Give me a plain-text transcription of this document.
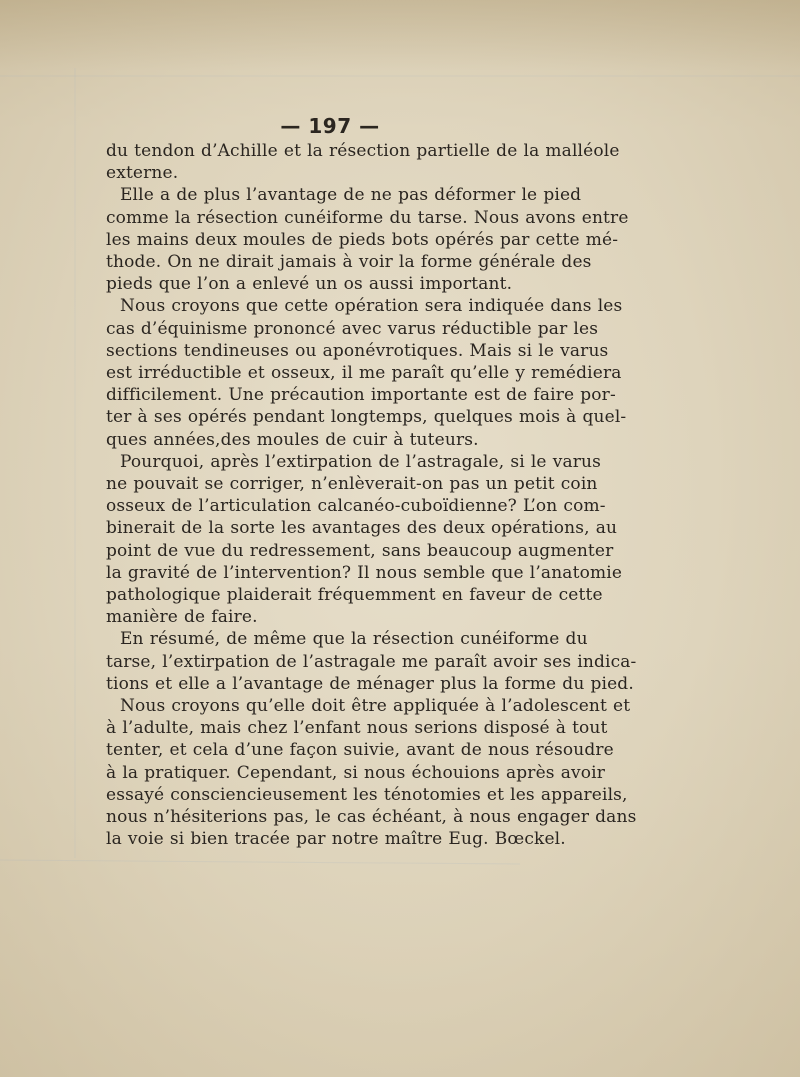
— 197 —
du tendon d’Achille et la résection partielle de la malléole
externe.
Elle a de plus l’avantage de ne pas déformer le pied
comme la résection cunéiforme du tarse. Nous avons entre
les mains deux moules de pieds bots opérés par cette mé-
thode. On ne dirait jamais à voir la forme générale des
pieds que l’on a enlevé un os aussi important.
Nous croyons que cette opération sera indiquée dans les
cas d’équinisme prononcé avec varus réductible par les
sections tendineuses ou aponévrotiques. Mais si le varus
est irréductible et osseux, il me paraît qu’elle y remédiera
difficilement. Une précaution importante est de faire por-
ter à ses opérés pendant longtemps, quelques mois à quel-
ques années,des moules de cuir à tuteurs.
Pourquoi, après l’extirpation de l’astragale, si le varus
ne pouvait se corriger, n’enlèverait-on pas un petit coin
osseux de l’articulation calcanéo-cuboïdienne? L’on com-
binerait de la sorte les avantages des deux opérations, au
point de vue du redressement, sans beaucoup augmenter
la gravité de l’intervention? Il nous semble que l’anatomie
pathologique plaiderait fréquemment en faveur de cette
manière de faire.
En résumé, de même que la résection cunéiforme du
tarse, l’extirpation de l’astragale me paraît avoir ses indica-
tions et elle a l’avantage de ménager plus la forme du pied.
Nous croyons qu’elle doit être appliquée à l’adolescent et
à l’adulte, mais chez l’enfant nous serions disposé à tout
tenter, et cela d’une façon suivie, avant de nous résoudre
à la pratiquer. Cependant, si nous échouions après avoir
essayé consciencieusement les ténotomies et les appareils,
nous n’hésiterions pas, le cas échéant, à nous engager dans
la voie si bien tracée par notre maître Eug. Bœckel.
